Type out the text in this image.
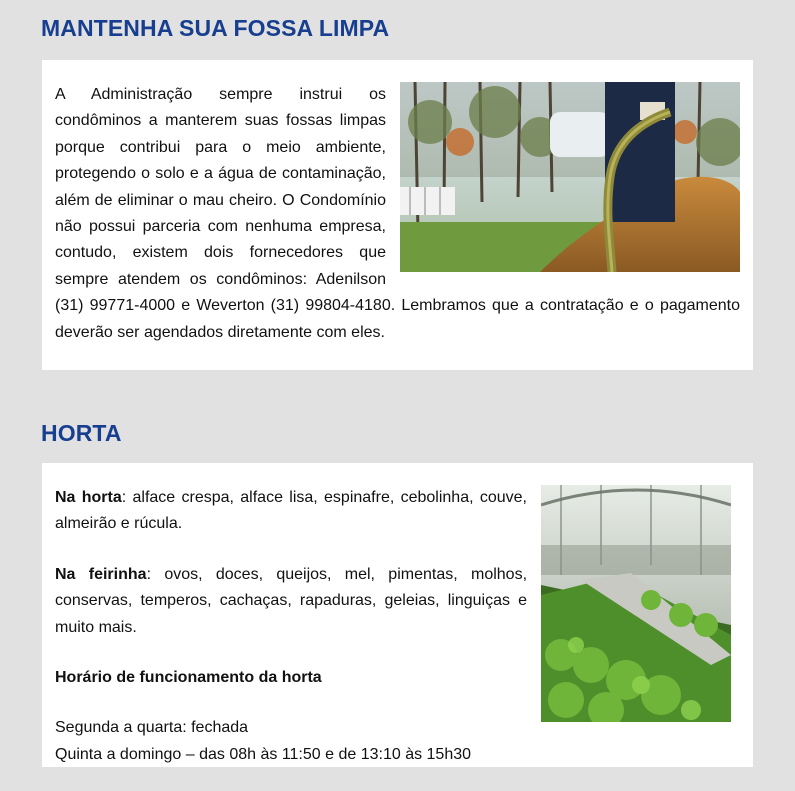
MANTENHA SUA FOSSA LIMPA

A Administração sempre instrui os condôminos a manterem suas fossas limpas porque contribui para o meio ambiente, protegendo o solo e a água de contaminação, além de eliminar o mau cheiro. O Condomínio não possui parceria com nenhuma empresa, contudo, existem dois fornecedores que sempre atendem os condôminos: Adenilson (31) 99771-4000 e Weverton (31) 99804-4180. Lembramos que a contratação e o pagamento deverão ser agendados diretamente com eles.

HORTA

Na horta: alface crespa, alface lisa, espinafre, cebolinha, couve, almeirão e rúcula.

Na feirinha: ovos, doces, queijos, mel, pimentas, molhos, conservas, temperos, cachaças, rapaduras, geleias, linguiças e muito mais.

Horário de funcionamento da horta

Segunda a quarta: fechada

Quinta a domingo – das 08h às 11:50 e de 13:10 às 15h30
